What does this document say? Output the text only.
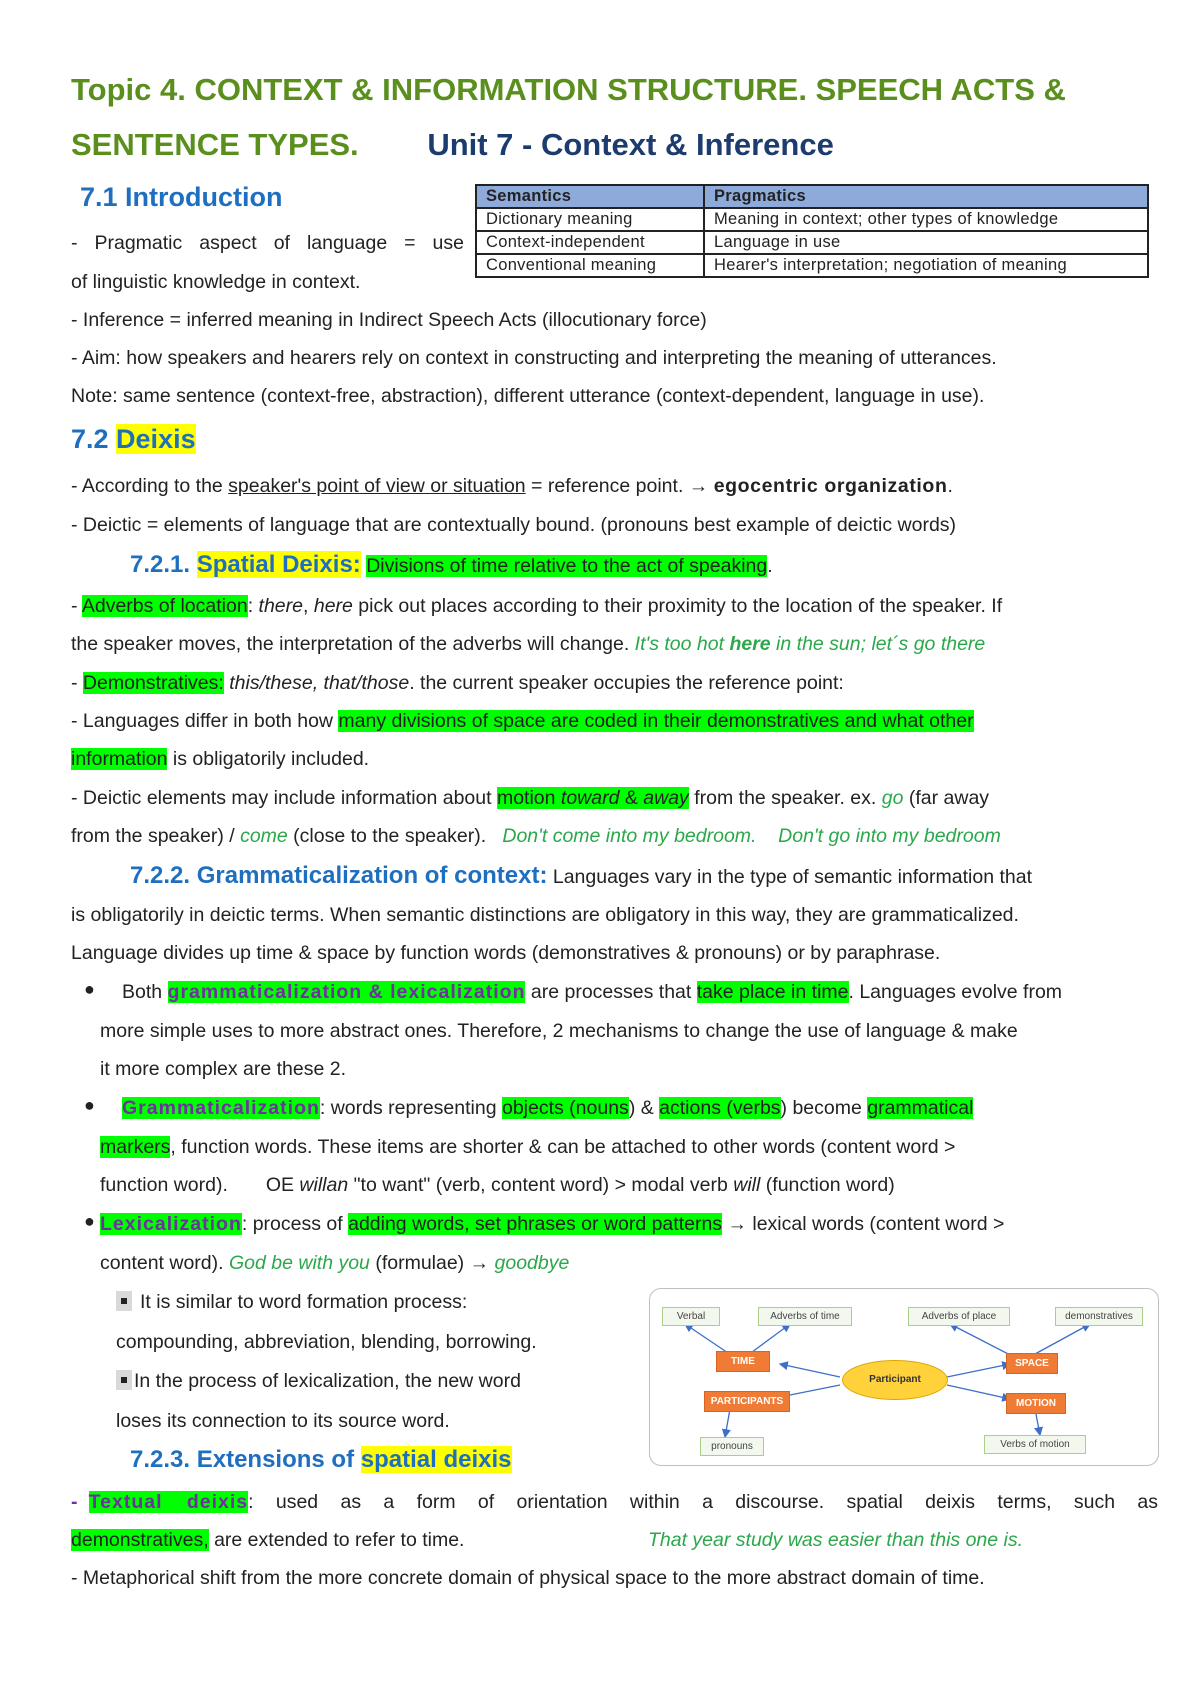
Topic 4. CONTEXT & INFORMATION STRUCTURE. SPEECH ACTS &
SENTENCE TYPES. Unit 7 - Context & Inference
7.1 Introduction	Semantics	Pragmatics
Dictionary meaning	Meaning in context; other types of knowledge
Context-independent	Language in use
Conventional meaning	Hearer's interpretation; negotiation of meaning
- Pragmatic aspect of language = use
of linguistic knowledge in context.
- Inference = inferred meaning in Indirect Speech Acts (illocutionary force)
- Aim: how speakers and hearers rely on context in constructing and interpreting the meaning of utterances.
Note: same sentence (context-free, abstraction), different utterance (context-dependent, language in use).
7.2 Deixis
- According to the speaker's point of view or situation = reference point. → egocentric organization.
- Deictic = elements of language that are contextually bound. (pronouns best example of deictic words)
7.2.1. Spatial Deixis: Divisions of time relative to the act of speaking.
- Adverbs of location: there, here pick out places according to their proximity to the location of the speaker. If
the speaker moves, the interpretation of the adverbs will change. It's too hot here in the sun; let´s go there
- Demonstratives: this/these, that/those. the current speaker occupies the reference point:
- Languages differ in both how many divisions of space are coded in their demonstratives and what other
information is obligatorily included.
- Deictic elements may include information about motion toward & away from the speaker. ex. go (far away
from the speaker) / come (close to the speaker).   Don't come into my bedroom.    Don't go into my bedroom
7.2.2. Grammaticalization of context: Languages vary in the type of semantic information that
is obligatorily in deictic terms. When semantic distinctions are obligatory in this way, they are grammaticalized.
Language divides up time & space by function words (demonstratives & pronouns) or by paraphrase.
● Both grammaticalization & lexicalization are processes that take place in time. Languages evolve from
more simple uses to more abstract ones. Therefore, 2 mechanisms to change the use of language & make
it more complex are these 2.
● Grammaticalization: words representing objects (nouns) & actions (verbs) become grammatical
markers, function words. These items are shorter & can be attached to other words (content word >
function word).       OE willan "to want" (verb, content word) > modal verb will (function word)
● Lexicalization: process of adding words, set phrases or word patterns → lexical words (content word >
content word). God be with you (formulae) → goodbye
It is similar to word formation process:
compounding, abbreviation, blending, borrowing.
In the process of lexicalization, the new word
loses its connection to its source word.
Verbal	Adverbs of time	Adverbs of place	demonstratives
TIME
PARTICIPANTS
Participant
SPACE
MOTION
pronouns	Verbs of motion
7.2.3. Extensions of spatial deixis
- Textual  deixis:  used  as  a  form  of  orientation  within  a  discourse.  spatial  deixis  terms,  such  as
demonstratives, are extended to refer to time.	That year study was easier than this one is.
- Metaphorical shift from the more concrete domain of physical space to the more abstract domain of time.
